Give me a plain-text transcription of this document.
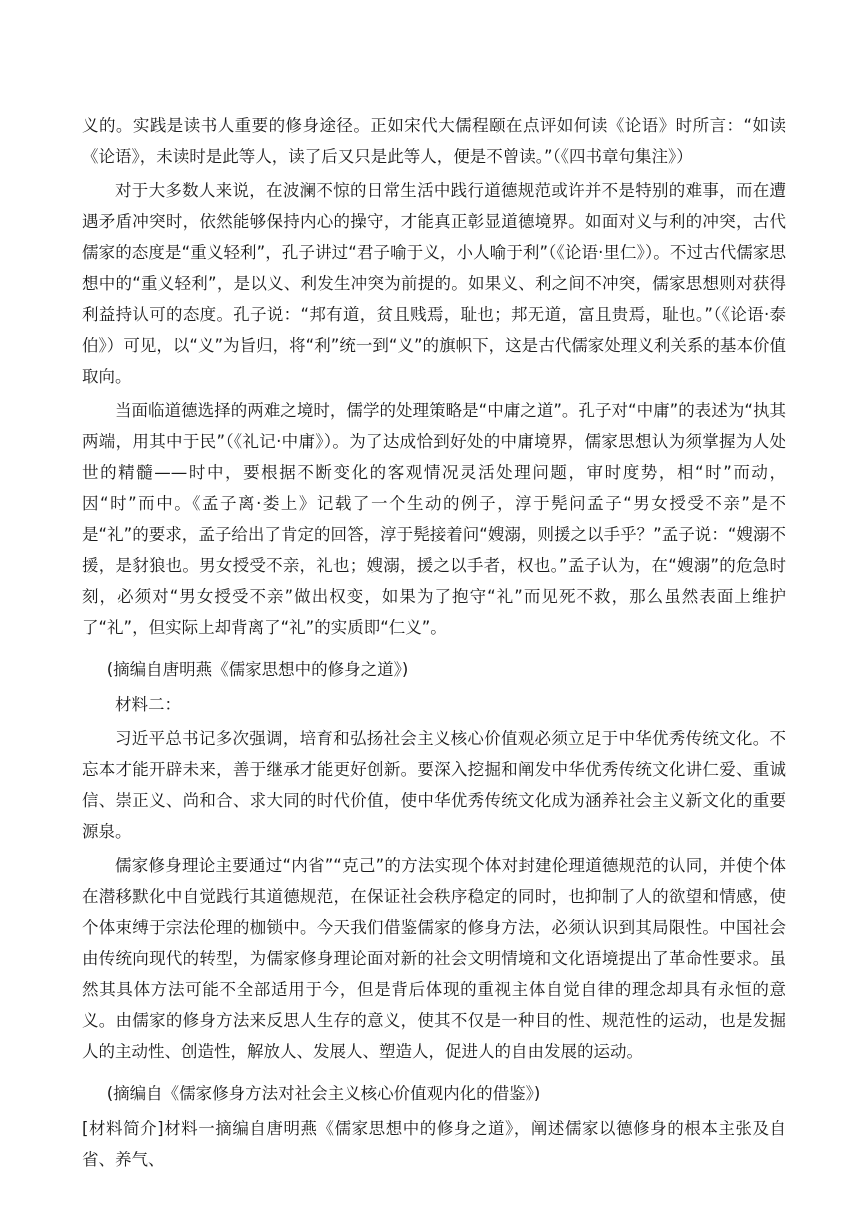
义的。实践是读书人重要的修身途径。正如宋代大儒程颐在点评如何读《论语》时所言：“如读《论语》，未读时是此等人，读了后又只是此等人，便是不曾读。”（《四书章句集注》）

对于大多数人来说，在波澜不惊的日常生活中践行道德规范或许并不是特别的难事，而在遭遇矛盾冲突时，依然能够保持内心的操守，才能真正彰显道德境界。如面对义与利的冲突，古代儒家的态度是“重义轻利”，孔子讲过“君子喻于义，小人喻于利”（《论语·里仁》）。不过古代儒家思想中的“重义轻利”，是以义、利发生冲突为前提的。如果义、利之间不冲突，儒家思想则对获得利益持认可的态度。孔子说：“邦有道，贫且贱焉，耻也；邦无道，富且贵焉，耻也。”（《论语·泰伯》）可见，以“义”为旨归，将“利”统一到“义”的旗帜下，这是古代儒家处理义利关系的基本价值取向。

当面临道德选择的两难之境时，儒学的处理策略是“中庸之道”。孔子对“中庸”的表述为“执其两端，用其中于民”（《礼记·中庸》）。为了达成恰到好处的中庸境界，儒家思想认为须掌握为人处世的精髓——时中，要根据不断变化的客观情况灵活处理问题，审时度势，相“时”而动，因“时”而中。《孟子离·娄上》记载了一个生动的例子，淳于髡问孟子“男女授受不亲”是不是“礼”的要求，孟子给出了肯定的回答，淳于髡接着问“嫂溺，则援之以手乎？”孟子说：“嫂溺不援，是豺狼也。男女授受不亲，礼也；嫂溺，援之以手者，权也。”孟子认为，在“嫂溺”的危急时刻，必须对“男女授受不亲”做出权变，如果为了抱守“礼”而见死不救，那么虽然表面上维护了“礼”，但实际上却背离了“礼”的实质即“仁义”。

(摘编自唐明燕《儒家思想中的修身之道》)

材料二：

习近平总书记多次强调，培育和弘扬社会主义核心价值观必须立足于中华优秀传统文化。不忘本才能开辟未来，善于继承才能更好创新。要深入挖掘和阐发中华优秀传统文化讲仁爱、重诚信、崇正义、尚和合、求大同的时代价值，使中华优秀传统文化成为涵养社会主义新文化的重要源泉。

儒家修身理论主要通过“内省”“克己”的方法实现个体对封建伦理道德规范的认同，并使个体在潜移默化中自觉践行其道德规范，在保证社会秩序稳定的同时，也抑制了人的欲望和情感，使个体束缚于宗法伦理的枷锁中。今天我们借鉴儒家的修身方法，必须认识到其局限性。中国社会由传统向现代的转型，为儒家修身理论面对新的社会文明情境和文化语境提出了革命性要求。虽然其具体方法可能不全部适用于今，但是背后体现的重视主体自觉自律的理念却具有永恒的意义。由儒家的修身方法来反思人生存的意义，使其不仅是一种目的性、规范性的运动，也是发掘人的主动性、创造性，解放人、发展人、塑造人，促进人的自由发展的运动。

(摘编自《儒家修身方法对社会主义核心价值观内化的借鉴》)

[材料简介]材料一摘编自唐明燕《儒家思想中的修身之道》，阐述儒家以德修身的根本主张及自省、养气、
